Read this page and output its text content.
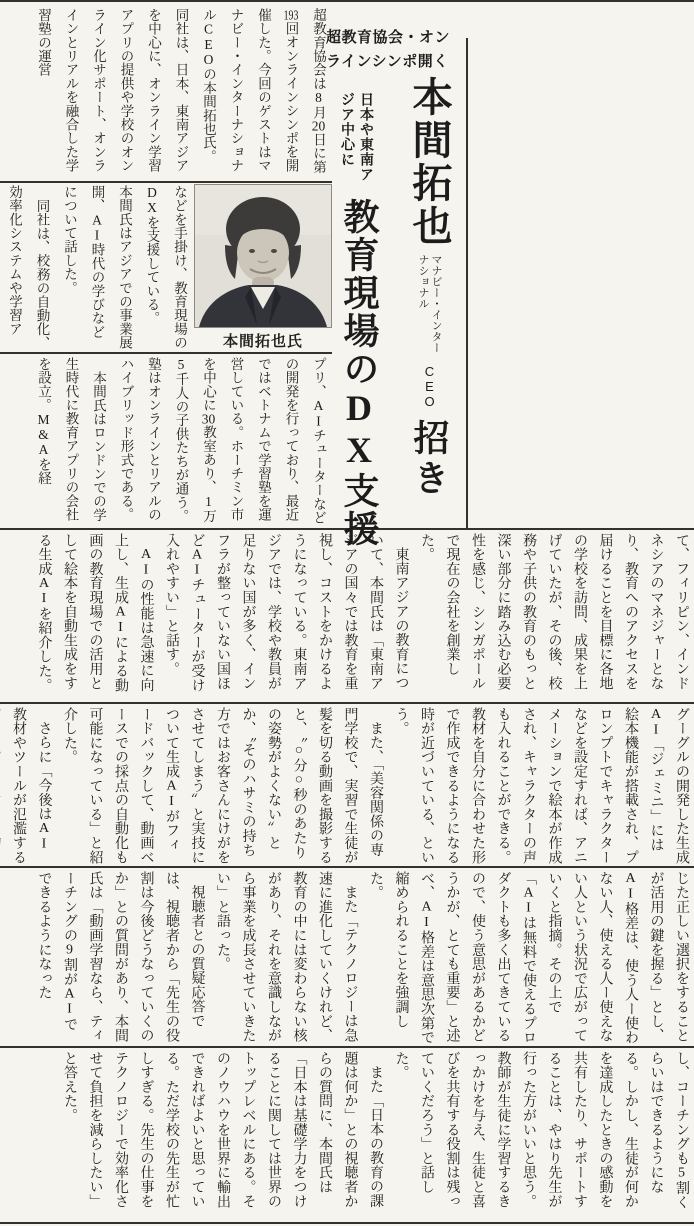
超教育協会・オンラインシンポ開く
本間拓也
マナビー・インターナショナル
CEO
招き
日本や東南アジア中心に
教育現場のDX支援

超教育協会は8月20日に第193回オンラインシンポを開催した。今回のゲストはマナビー・インターナショナルCEOの本間拓也氏。

同社は、日本、東南アジアを中心に、オンライン学習アプリの提供や学校のオンライン化サポート、オンラインとリアルを融合した学習塾の運営

本間拓也氏

などを手掛け、教育現場のDXを支援している。

本間氏はアジアでの事業展開、AI時代の学びなどについて話した。

同社は、校務の自動化、効率化システムや学習ア

プリ、AIチューターなどの開発を行っており、最近ではベトナムで学習塾を運営している。ホーチミン市を中心に30教室あり、1万5千人の子供たちが通う。塾はオンラインとリアルのハイブリッド形式である。

本間氏はロンドンでの学生時代に教育アプリの会社を設立。M&Aを経

て、フィリピン、インドネシアのマネジャーとなり、教育へのアクセスを届けることを目標に各地の学校を訪問、成果を上げていたが、その後、校務や子供の教育のもっと深い部分に踏み込む必要性を感じ、シンガポールで現在の会社を創業した。

東南アジアの教育について、本間氏は「東南アジアの国々では教育を重視し、コストをかけるようになっている。東南アジアでは、学校や教員が足りない国が多く、インフラが整っていない国ほどAIチューターが受け入れやすい」と話す。

AIの性能は急速に向上し、生成AIによる動画の教育現場での活用として絵本を自動生成をする生成AIを紹介した。

グーグルの開発した生成AI「ジェミニ」には絵本機能が搭載され、プロンプトでキャラクターなどを設定すれば、アニメーションで絵本が作成され、キャラクターの声も入れることができる。教材を自分に合わせた形で作成できるようになる時が近づいている、という。

また、「美容関係の専門学校で、実習で生徒が髪を切る動画を撮影すると、〝○分○秒のあたりの姿勢がよくない〟とか、〝そのハサミの持ち方ではお客さんにけがをさせてしまう〟と実技について生成AIがフィードバックして、動画ベースでの採点の自動化も可能になっている」と紹介した。

さらに「今後はAI教材やツールが氾濫する

じた正しい選択をすることが活用の鍵を握る」とし、AI格差は、使う人ー使わない人、使える人ー使えない人という状況で広がっていくと指摘。その上で「AIは無料で使えるプロダクトも多く出てきているので、使う意思があるかどうかが、とても重要」と述べ、AI格差は意思次第で縮められることを強調した。

また「テクノロジーは急速に進化していくけれど、教育の中には変わらない核があり、それを意識しながら事業を成長させていきたい」と語った。

視聴者との質疑応答では、視聴者から「先生の役割は今後どうなっていくのか」との質問があり、本間氏は「動画学習なら、ティーチングの9割がAIでできるようになった

し、コーチングも5割くらいはできるようになる。しかし、生徒が何かを達成したときの感動を共有したり、サポートすることは、やはり先生が行った方がいいと思う。教師が生徒に学習するきっかけを与え、生徒と喜びを共有する役割は残っていくだろう」と話した。

また「日本の教育の課題は何か」との視聴者からの質問に、本間氏は「日本は基礎学力をつけることに関しては世界のトップレベルにある。そのノウハウを世界に輸出できればよいと思っている。ただ学校の先生が忙しすぎる。先生の仕事をテクノロジーで効率化させて負担を減らしたい」と答えた。
